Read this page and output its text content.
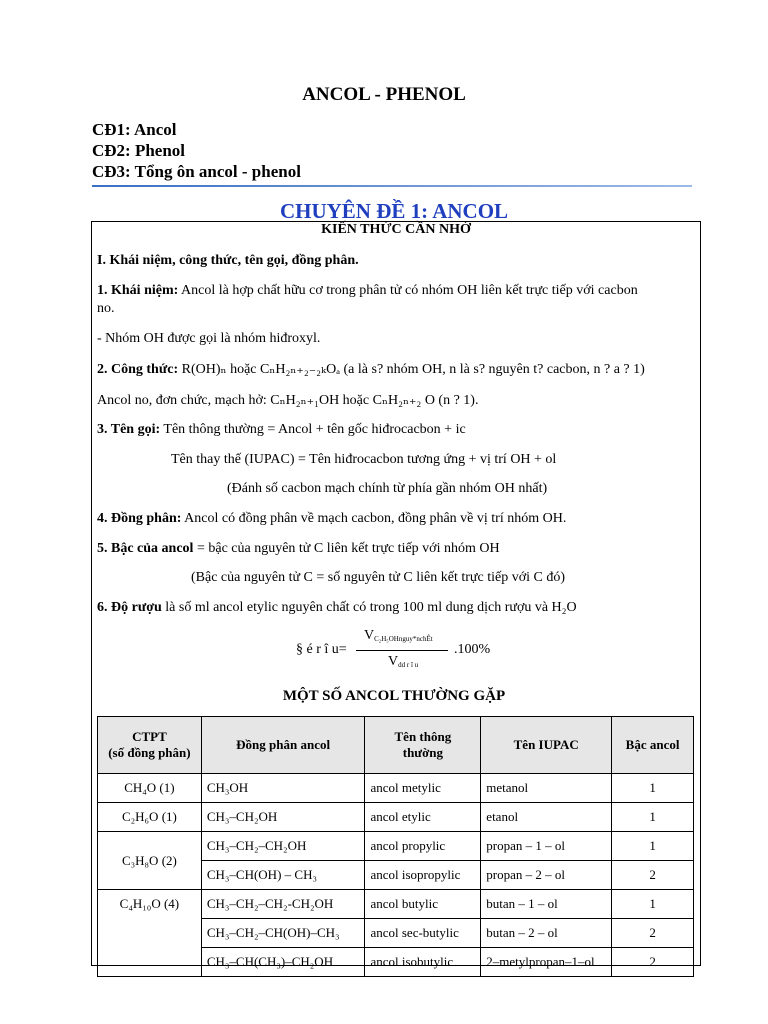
ANCOL - PHENOL
CĐ1: Ancol
CĐ2: Phenol
CĐ3: Tổng ôn ancol - phenol
CHUYÊN ĐỀ 1: ANCOL
KIẾN THỨC CẦN NHỚ
I. Khái niệm, công thức, tên gọi, đồng phân.
1. Khái niệm: Ancol là hợp chất hữu cơ trong phân tử có nhóm OH liên kết trực tiếp với cacbon
no.
- Nhóm OH được gọi là nhóm hiđroxyl.
2. Công thức: R(OH)ₙ hoặc CₙH₂ₙ₊₂₋₂ₖOₐ (a là s? nhóm OH, n là s? nguyên t? cacbon, n ? a ? 1)
Ancol no, đơn chức, mạch hở: CₙH₂ₙ₊₁OH hoặc CₙH₂ₙ₊₂ O (n ? 1).
3. Tên gọi: Tên thông thường = Ancol + tên gốc hiđrocacbon + ic
Tên thay thế (IUPAC) = Tên hiđrocacbon tương ứng + vị trí OH + ol
(Đánh số cacbon mạch chính từ phía gần nhóm OH nhất)
4. Đồng phân: Ancol có đồng phân về mạch cacbon, đồng phân về vị trí nhóm OH.
5. Bậc của ancol = bậc của nguyên tử C liên kết trực tiếp với nhóm OH
(Bậc của nguyên tử C = số nguyên tử C liên kết trực tiếp với C đó)
6. Độ rượu là số ml ancol etylic nguyên chất có trong 100 ml dung dịch rượu và H₂O
§ é r î u=
$V_{C_2H_5OHnguy*nchÊt}$
$V_{dd r î u}$
.100%
MỘT SỐ ANCOL THƯỜNG GẶP
CTPT
(số đồng phân)	Đồng phân ancol	Tên thông
thường	Tên IUPAC	Bậc ancol
CH₄O (1)	CH₃OH	ancol metylic	metanol	1
C₂H₆O (1)	CH₃–CH₂OH	ancol etylic	etanol	1
C₃H₈O (2)	CH₃–CH₂–CH₂OH	ancol propylic	propan – 1 – ol	1
	CH₃–CH(OH) – CH₃	ancol isopropylic	propan – 2 – ol	2
C₄H₁₀O (4)	CH₃–CH₂–CH₂-CH₂OH	ancol butylic	butan – 1 – ol	1
	CH₃–CH₂–CH(OH)–CH₃	ancol sec-butylic	butan – 2 – ol	2
	CH₃–CH(CH₃)–CH₂OH	ancol isobutylic	2–metylpropan–1–ol	2
